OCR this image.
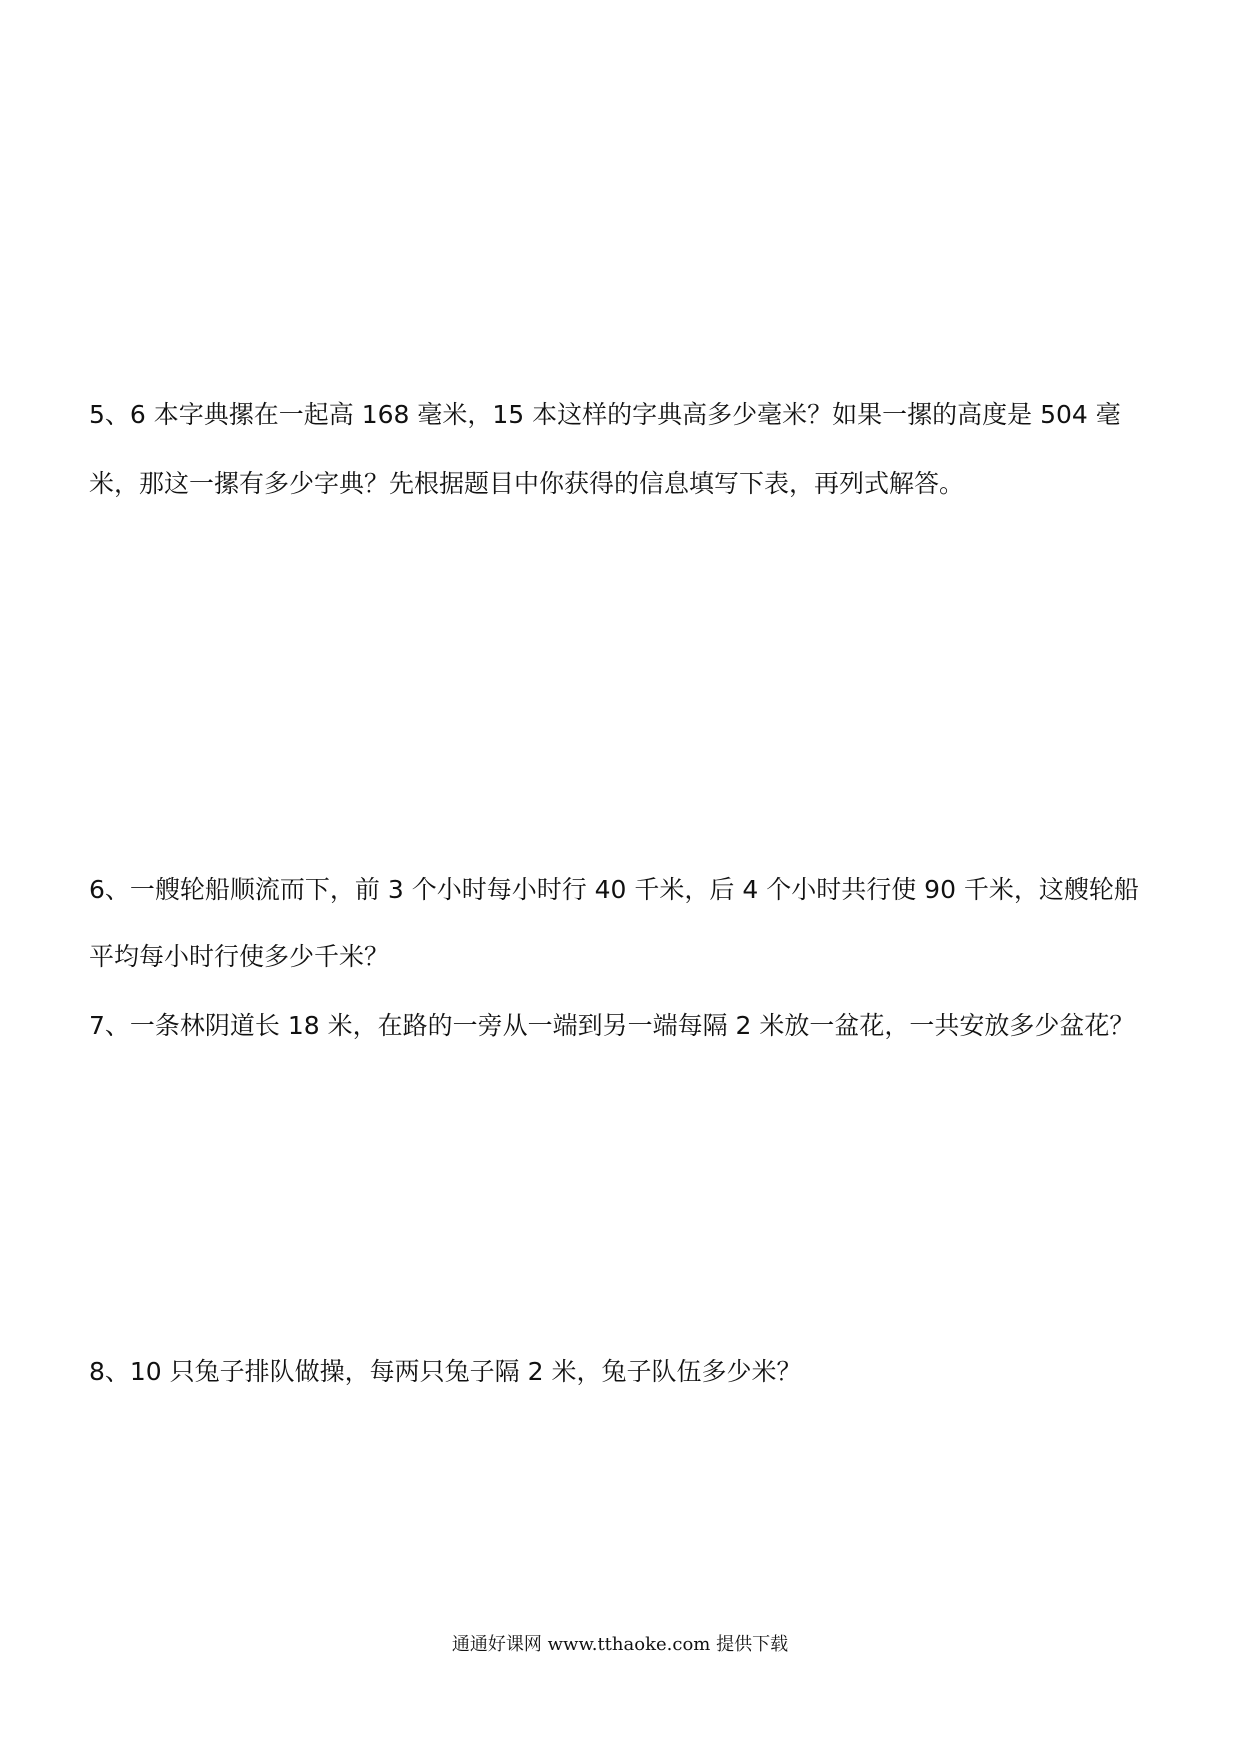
5、6 本字典摞在一起高 168 毫米，15 本这样的字典高多少毫米？如果一摞的高度是 504 毫

米，那这一摞有多少字典？先根据题目中你获得的信息填写下表，再列式解答。

6、一艘轮船顺流而下，前 3 个小时每小时行 40 千米，后 4 个小时共行使 90 千米，这艘轮船

平均每小时行使多少千米？

7、一条林阴道长 18 米，在路的一旁从一端到另一端每隔 2 米放一盆花，一共安放多少盆花？

8、10 只兔子排队做操，每两只兔子隔 2 米，兔子队伍多少米？

通通好课网 www.tthaoke.com 提供下载
